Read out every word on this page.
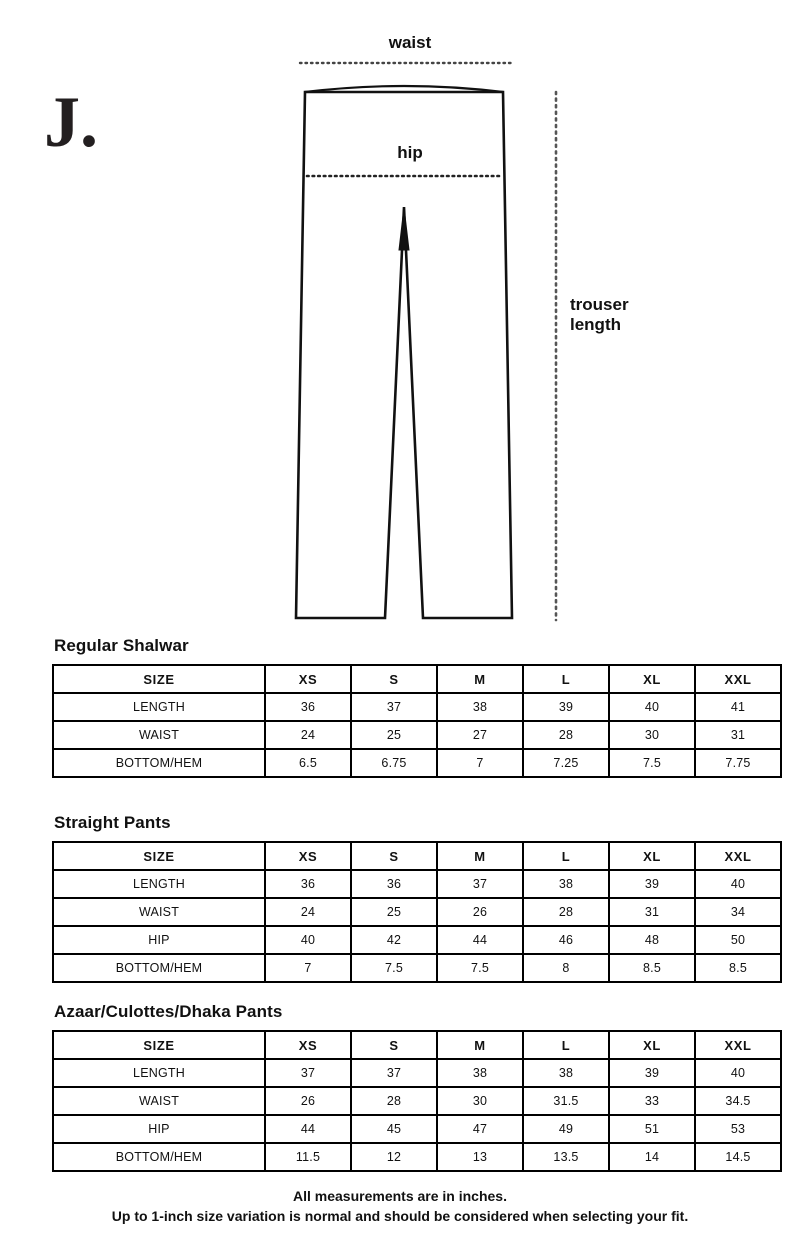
J.
waist
hip
trouser
length
Regular Shalwar
SIZE	XS	S	M	L	XL	XXL
LENGTH	36	37	38	39	40	41
WAIST	24	25	27	28	30	31
BOTTOM/HEM	6.5	6.75	7	7.25	7.5	7.75
Straight Pants
SIZE	XS	S	M	L	XL	XXL
LENGTH	36	36	37	38	39	40
WAIST	24	25	26	28	31	34
HIP	40	42	44	46	48	50
BOTTOM/HEM	7	7.5	7.5	8	8.5	8.5
Azaar/Culottes/Dhaka Pants
SIZE	XS	S	M	L	XL	XXL
LENGTH	37	37	38	38	39	40
WAIST	26	28	30	31.5	33	34.5
HIP	44	45	47	49	51	53
BOTTOM/HEM	11.5	12	13	13.5	14	14.5
All measurements are in inches.
Up to 1-inch size variation is normal and should be considered when selecting your fit.
